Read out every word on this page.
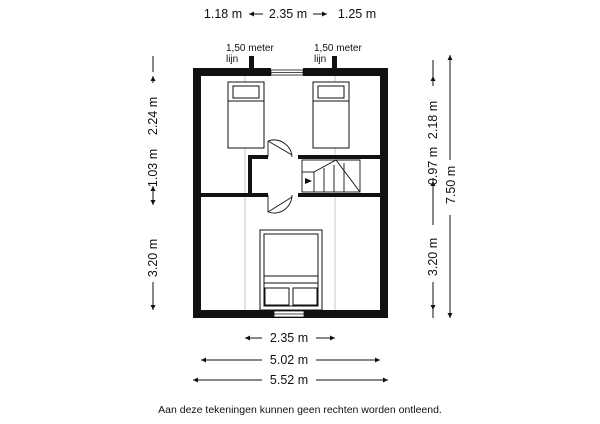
1.18 m 2.35 m 1.25 m
1,50 meter
lijn
1,50 meter
lijn
2.24 m
1.03 m
3.20 m
2.18 m
0.97 m
3.20 m
7.50 m
2.35 m
5.02 m
5.52 m
Aan deze tekeningen kunnen geen rechten worden ontleend.
